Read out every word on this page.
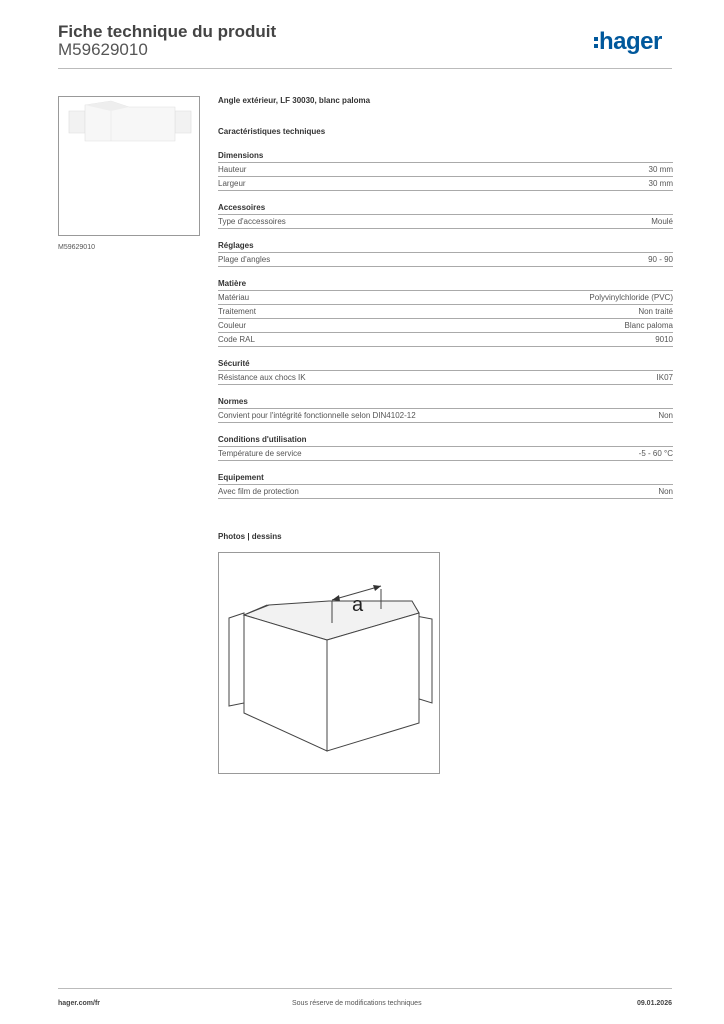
Fiche technique du produit
M59629010	hager
M59629010
Angle extérieur, LF 30030, blanc paloma
Caractéristiques techniques
Dimensions
Hauteur	30 mm
Largeur	30 mm
Accessoires
Type d'accessoires	Moulé
Réglages
Plage d'angles	90 - 90
Matière
Matériau	Polyvinylchloride (PVC)
Traitement	Non traité
Couleur	Blanc paloma
Code RAL	9010
Sécurité
Résistance aux chocs IK	IK07
Normes
Convient pour l'intégrité fonctionnelle selon DIN4102-12	Non
Conditions d'utilisation
Température de service	-5 - 60 °C
Equipement
Avec film de protection	Non
Photos | dessins
a
hager.com/fr	Sous réserve de modifications techniques	09.01.2026
